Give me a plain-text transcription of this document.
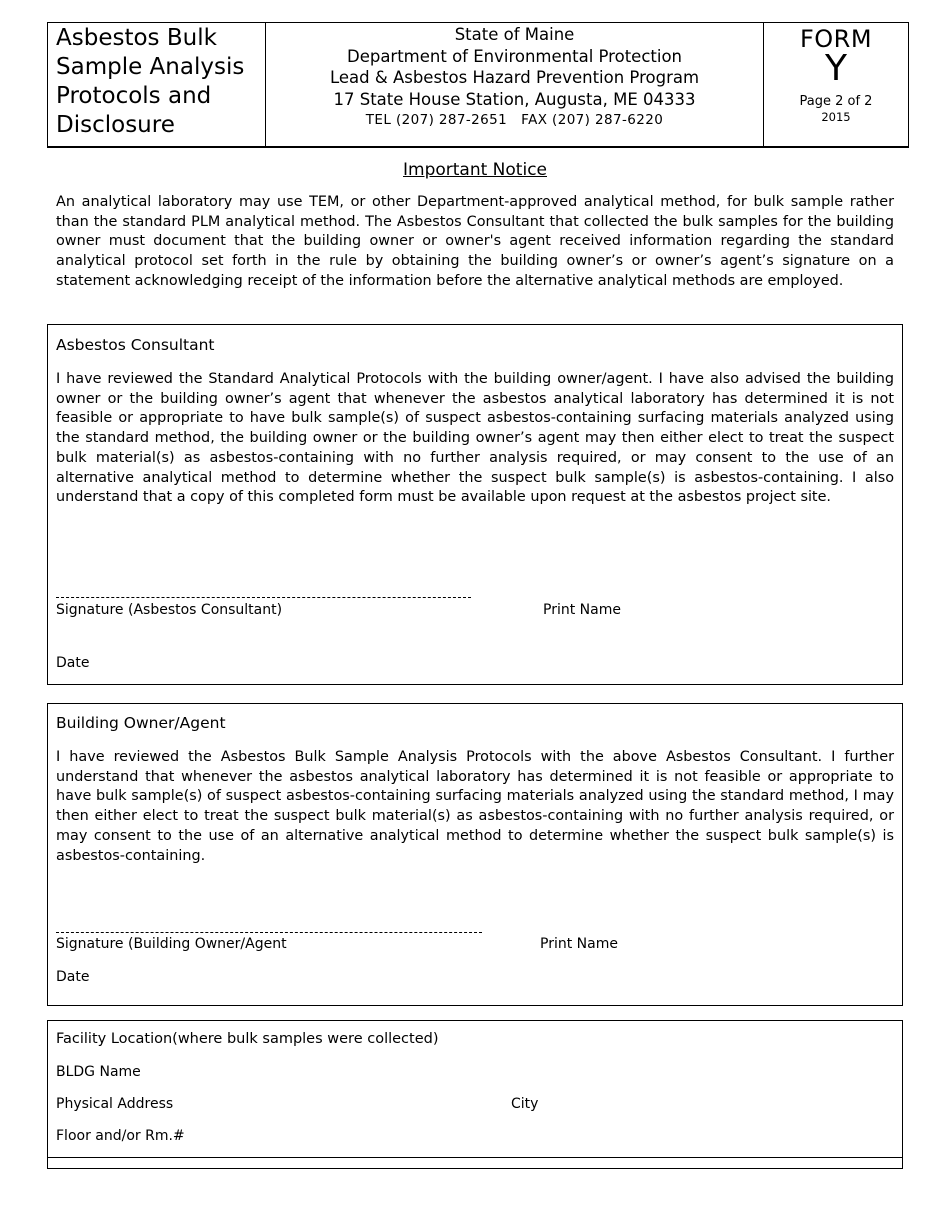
Asbestos Bulk Sample Analysis Protocols and Disclosure
State of Maine
Department of Environmental Protection
Lead & Asbestos Hazard Prevention Program
17 State House Station, Augusta, ME 04333
TEL (207) 287-2651 FAX (207) 287-6220
FORM
Y
Page 2 of 2
2015
Important Notice
An analytical laboratory may use TEM, or other Department-approved analytical method, for bulk sample rather than the standard PLM analytical method. The Asbestos Consultant that collected the bulk samples for the building owner must document that the building owner or owner's agent received information regarding the standard analytical protocol set forth in the rule by obtaining the building owner’s or owner’s agent’s signature on a statement acknowledging receipt of the information before the alternative analytical methods are employed.
Asbestos Consultant
I have reviewed the Standard Analytical Protocols with the building owner/agent. I have also advised the building owner or the building owner’s agent that whenever the asbestos analytical laboratory has determined it is not feasible or appropriate to have bulk sample(s) of suspect asbestos-containing surfacing materials analyzed using the standard method, the building owner or the building owner’s agent may then either elect to treat the suspect bulk material(s) as asbestos-containing with no further analysis required, or may consent to the use of an alternative analytical method to determine whether the suspect bulk sample(s) is asbestos-containing. I also understand that a copy of this completed form must be available upon request at the asbestos project site.
Signature (Asbestos Consultant)	Print Name
Date
Building Owner/Agent
I have reviewed the Asbestos Bulk Sample Analysis Protocols with the above Asbestos Consultant. I further understand that whenever the asbestos analytical laboratory has determined it is not feasible or appropriate to have bulk sample(s) of suspect asbestos-containing surfacing materials analyzed using the standard method, I may then either elect to treat the suspect bulk material(s) as asbestos-containing with no further analysis required, or may consent to the use of an alternative analytical method to determine whether the suspect bulk sample(s) is asbestos-containing.
Signature (Building Owner/Agent	Print Name
Date
Facility Location(where bulk samples were collected)
BLDG Name
Physical Address	City
Floor and/or Rm.#
